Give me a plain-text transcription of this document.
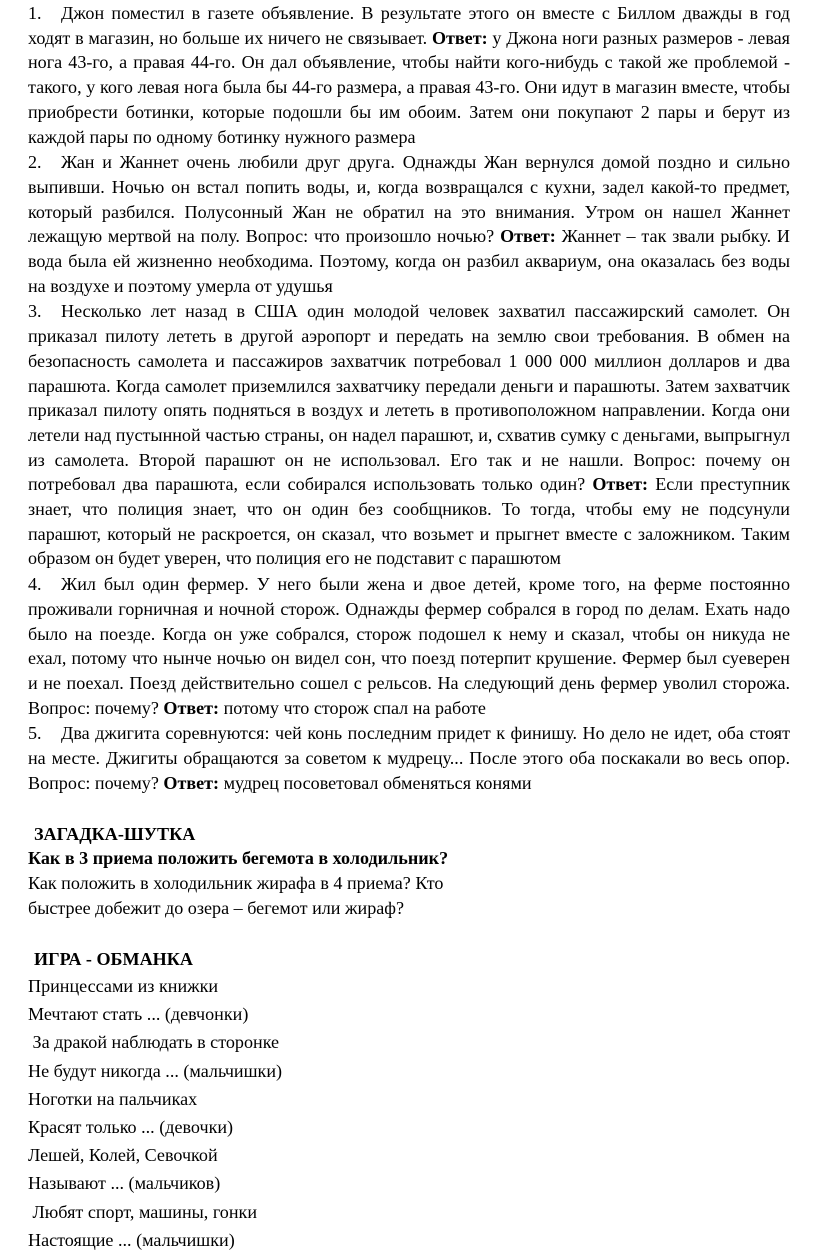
1. Джон поместил в газете объявление. В результате этого он вместе с Биллом дважды в год ходят в магазин, но больше их ничего не связывает. Ответ: у Джона ноги разных размеров - левая нога 43-го, а правая 44-го. Он дал объявление, чтобы найти кого-нибудь с такой же проблемой - такого, у кого левая нога была бы 44-го размера, а правая 43-го. Они идут в магазин вместе, чтобы приобрести ботинки, которые подошли бы им обоим. Затем они покупают 2 пары и берут из каждой пары по одному ботинку нужного размера
2. Жан и Жаннет очень любили друг друга. Однажды Жан вернулся домой поздно и сильно выпивши. Ночью он встал попить воды, и, когда возвращался с кухни, задел какой-то предмет, который разбился. Полусонный Жан не обратил на это внимания. Утром он нашел Жаннет лежащую мертвой на полу. Вопрос: что произошло ночью? Ответ: Жаннет – так звали рыбку. И вода была ей жизненно необходима. Поэтому, когда он разбил аквариум, она оказалась без воды на воздухе и поэтому умерла от удушья
3. Несколько лет назад в США один молодой человек захватил пассажирский самолет. Он приказал пилоту лететь в другой аэропорт и передать на землю свои требования. В обмен на безопасность самолета и пассажиров захватчик потребовал 1 000 000 миллион долларов и два парашюта. Когда самолет приземлился захватчику передали деньги и парашюты. Затем захватчик приказал пилоту опять подняться в воздух и лететь в противоположном направлении. Когда они летели над пустынной частью страны, он надел парашют, и, схватив сумку с деньгами, выпрыгнул из самолета. Второй парашют он не использовал. Его так и не нашли. Вопрос: почему он потребовал два парашюта, если собирался использовать только один? Ответ: Если преступник знает, что полиция знает, что он один без сообщников. То тогда, чтобы ему не подсунули парашют, который не раскроется, он сказал, что возьмет и прыгнет вместе с заложником. Таким образом он будет уверен, что полиция его не подставит с парашютом
4. Жил был один фермер. У него были жена и двое детей, кроме того, на ферме постоянно проживали горничная и ночной сторож. Однажды фермер собрался в город по делам. Ехать надо было на поезде. Когда он уже собрался, сторож подошел к нему и сказал, чтобы он никуда не ехал, потому что нынче ночью он видел сон, что поезд потерпит крушение. Фермер был суеверен и не поехал. Поезд действительно сошел с рельсов. На следующий день фермер уволил сторожа. Вопрос: почему? Ответ: потому что сторож спал на работе
5. Два джигита соревнуются: чей конь последним придет к финишу. Но дело не идет, оба стоят на месте. Джигиты обращаются за советом к мудрецу... После этого оба поскакали во весь опор. Вопрос: почему? Ответ: мудрец посоветовал обменяться конями
ЗАГАДКА-ШУТКА
Как в 3 приема положить бегемота в холодильник? Как положить в холодильник жирафа в 4 приема? Кто быстрее добежит до озера – бегемот или жираф?
ИГРА - ОБМАНКА
Принцессами из книжки
Мечтают стать ... (девчонки)
За дракой наблюдать в сторонке
Не будут никогда ... (мальчишки)
Ноготки на пальчиках
Красят только ... (девочки)
Лешей, Колей, Севочкой
Называют ... (мальчиков)
Любят спорт, машины, гонки
Настоящие ... (мальчишки)
